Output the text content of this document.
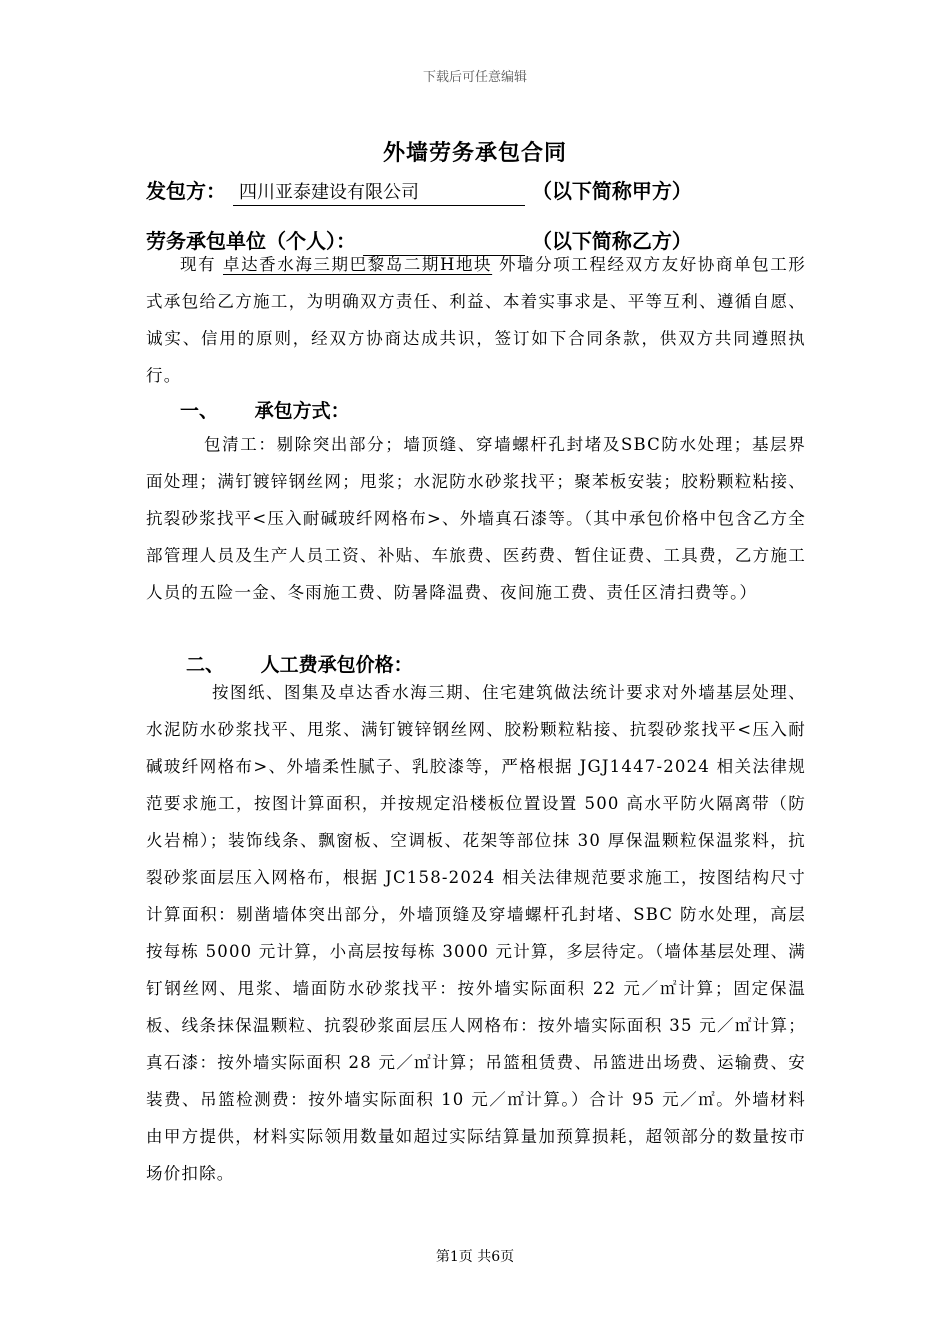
下载后可任意编辑
外墙劳务承包合同
发包方： 四川亚泰建设有限公司	（以下简称甲方）
劳务承包单位（个人）：	（以下简称乙方）
现有 卓达香水海三期巴黎岛二期H地块 外墙分项工程经双方友好协商单包工形式承包给乙方施工，为明确双方责任、利益、本着实事求是、平等互利、遵循自愿、诚实、信用的原则，经双方协商达成共识，签订如下合同条款，供双方共同遵照执行。
一、 承包方式：
包清工：剔除突出部分；墙顶缝、穿墙螺杆孔封堵及SBC防水处理；基层界面处理；满钉镀锌钢丝网；甩浆；水泥防水砂浆找平；聚苯板安装；胶粉颗粒粘接、抗裂砂浆找平<压入耐碱玻纤网格布>、外墙真石漆等。（其中承包价格中包含乙方全部管理人员及生产人员工资、补贴、车旅费、医药费、暂住证费、工具费，乙方施工人员的五险一金、冬雨施工费、防暑降温费、夜间施工费、责任区清扫费等。）
二、 人工费承包价格：
按图纸、图集及卓达香水海三期、住宅建筑做法统计要求对外墙基层处理、水泥防水砂浆找平、甩浆、满钉镀锌钢丝网、胶粉颗粒粘接、抗裂砂浆找平<压入耐碱玻纤网格布>、外墙柔性腻子、乳胶漆等，严格根据 JGJ1447-2024 相关法律规范要求施工，按图计算面积，并按规定沿楼板位置设置 500 高水平防火隔离带（防火岩棉）；装饰线条、飘窗板、空调板、花架等部位抹 30 厚保温颗粒保温浆料，抗裂砂浆面层压入网格布，根据 JC158-2024 相关法律规范要求施工，按图结构尺寸计算面积：剔凿墙体突出部分，外墙顶缝及穿墙螺杆孔封堵、SBC 防水处理，高层按每栋 5000 元计算，小高层按每栋 3000 元计算，多层待定。（墙体基层处理、满钉钢丝网、甩浆、墙面防水砂浆找平：按外墙实际面积 22 元／㎡计算；固定保温板、线条抹保温颗粒、抗裂砂浆面层压人网格布：按外墙实际面积 35 元／㎡计算；真石漆：按外墙实际面积 28 元／㎡计算；吊篮租赁费、吊篮进出场费、运输费、安装费、吊篮检测费：按外墙实际面积 10 元／㎡计算。）合计 95 元／㎡。外墙材料由甲方提供，材料实际领用数量如超过实际结算量加预算损耗，超领部分的数量按市场价扣除。
第1页 共6页
